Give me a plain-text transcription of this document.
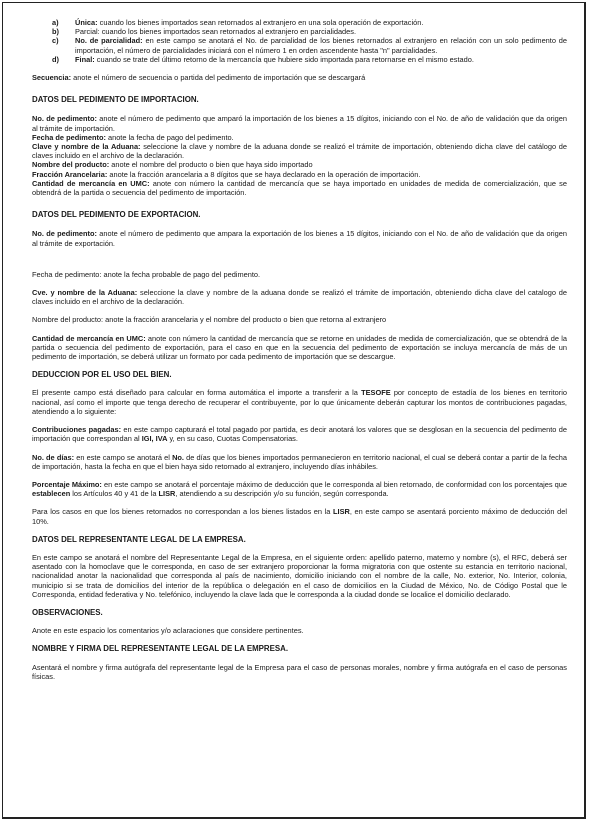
a)	Única: cuando los bienes importados sean retornados al extranjero en una sola operación de exportación.
b)	Parcial: cuando los bienes importados sean retornados al extranjero en parcialidades.
c)	No. de parcialidad: en este campo se anotará el No. de parcialidad de los bienes retornados al extranjero en relación con un solo pedimento de importación, el número de parcialidades iniciará con el número 1 en orden ascendente hasta "n" parcialidades.
d)	Final: cuando se trate del último retorno de la mercancía que hubiere sido importada para retornarse en el mismo estado.

Secuencia: anote el número de secuencia o partida del pedimento de importación que se descargará

DATOS DEL PEDIMENTO DE IMPORTACION.

No. de pedimento: anote el número de pedimento que amparó la importación de los bienes a 15 dígitos, iniciando con el No. de año de validación que da origen al trámite de importación.

Fecha de pedimento: anote la fecha de pago del pedimento.

Clave y nombre de la Aduana: seleccione la clave y nombre de la aduana donde se realizó el trámite de importación, obteniendo dicha clave del catálogo de claves incluido en el archivo de la declaración.

Nombre del producto: anote el nombre del producto o bien que haya sido importado

Fracción Arancelaria: anote la fracción arancelaria a 8 dígitos que se haya declarado en la operación de importación.

Cantidad de mercancía en UMC: anote con número la cantidad de mercancía que se haya importado en unidades de medida de comercialización, que se obtendrá de la partida o secuencia del pedimento de importación.

DATOS DEL PEDIMENTO DE EXPORTACION.

No. de pedimento: anote el número de pedimento que ampara la exportación de los bienes a 15 dígitos, iniciando con el No. de año de validación que da origen al trámite de exportación.

Fecha de pedimento: anote la fecha probable de pago del pedimento.

Cve. y nombre de la Aduana: seleccione la clave y nombre de la aduana donde se realizó el trámite de importación, obteniendo dicha clave del catalogo de claves incluido en el archivo de la declaración.

Nombre del producto: anote la fracción arancelaria y el nombre del producto o bien que retorna al extranjero

Cantidad de mercancía en UMC: anote con número la cantidad de mercancía que se retorne en unidades de medida de comercialización, que se obtendrá de la partida o secuencia del pedimento de exportación, para el caso en que en la secuencia del pedimento de exportación se incluya mercancía de más de un pedimento de importación, se deberá utilizar un formato por cada pedimento de importación que se descargue.

DEDUCCION POR EL USO DEL BIEN.

El presente campo está diseñado para calcular en forma automática el importe a transferir a la TESOFE por concepto de estadía de los bienes en territorio nacional, así como el importe que tenga derecho de recuperar el contribuyente, por lo que únicamente deberán capturar los montos de contribuciones pagadas, atendiendo a lo siguiente:

Contribuciones pagadas: en este campo capturará el total pagado por partida, es decir anotará los valores que se desglosan en la secuencia del pedimento de importación que correspondan al IGI, IVA y, en su caso, Cuotas Compensatorias.

No. de días: en este campo se anotará el No. de días que los bienes importados permanecieron en territorio nacional, el cual se deberá contar a partir de la fecha de importación, hasta la fecha en que el bien haya sido retornado al extranjero, incluyendo días inhábiles.

Porcentaje Máximo: en este campo se anotará el porcentaje máximo de deducción que le corresponda al bien retornado, de conformidad con los porcentajes que establecen los Artículos 40 y 41 de la LISR, atendiendo a su descripción y/o su función, según corresponda.

Para los casos en que los bienes retornados no correspondan a los bienes listados en la LISR, en este campo se asentará porciento máximo de deducción del 10%.

DATOS DEL REPRESENTANTE LEGAL DE LA EMPRESA.

En este campo se anotará el nombre del Representante Legal de la Empresa, en el siguiente orden: apellido paterno, materno y nombre (s), el RFC, deberá ser asentado con la homoclave que le corresponda, en caso de ser extranjero proporcionar la forma migratoria con que ostente su estancia en territorio nacional, nacionalidad anotar la nacionalidad que corresponda al país de nacimiento, domicilio iniciando con el nombre de la calle, No. exterior, No. Interior, colonia, municipio si se trata de domicilios del interior de la república o delegación en el caso de domicilios en la Ciudad de México, No. de Código Postal que le Corresponda, entidad federativa y No. telefónico, incluyendo la clave lada que le corresponda a la ciudad donde se localice el domicilio declarado.

OBSERVACIONES.

Anote en este espacio los comentarios y/o aclaraciones que considere pertinentes.

NOMBRE Y FIRMA DEL REPRESENTANTE LEGAL DE LA EMPRESA.

Asentará el nombre y firma autógrafa del representante legal de la Empresa para el caso de personas morales, nombre y firma autógrafa en el caso de personas físicas.
